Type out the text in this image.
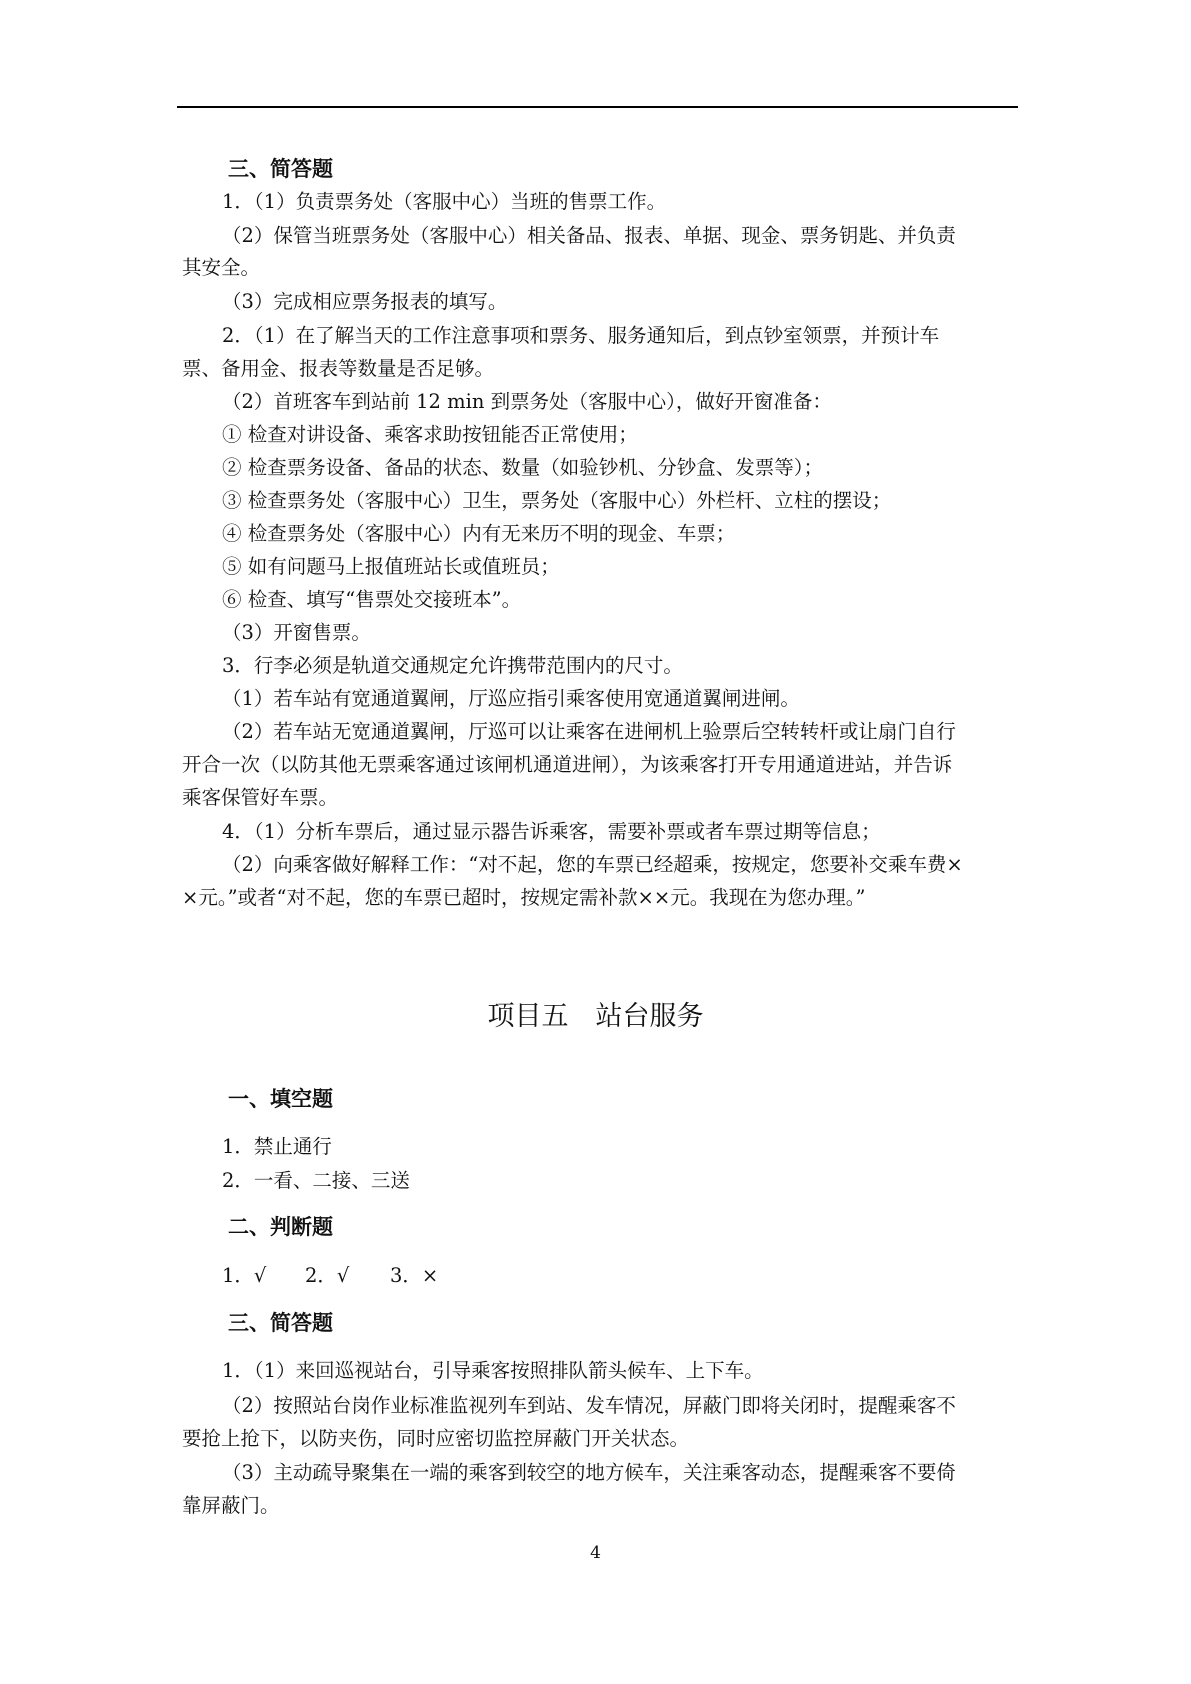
三、简答题
1．（1）负责票务处（客服中心）当班的售票工作。
（2）保管当班票务处（客服中心）相关备品、报表、单据、现金、票务钥匙、并负责
其安全。
（3）完成相应票务报表的填写。
2．（1）在了解当天的工作注意事项和票务、服务通知后，到点钞室领票，并预计车
票、备用金、报表等数量是否足够。
（2）首班客车到站前 12 min 到票务处（客服中心），做好开窗准备：
① 检查对讲设备、乘客求助按钮能否正常使用；
② 检查票务设备、备品的状态、数量（如验钞机、分钞盒、发票等）；
③ 检查票务处（客服中心）卫生，票务处（客服中心）外栏杆、立柱的摆设；
④ 检查票务处（客服中心）内有无来历不明的现金、车票；
⑤ 如有问题马上报值班站长或值班员；
⑥ 检查、填写“售票处交接班本”。
（3）开窗售票。
3．行李必须是轨道交通规定允许携带范围内的尺寸。
（1）若车站有宽通道翼闸，厅巡应指引乘客使用宽通道翼闸进闸。
（2）若车站无宽通道翼闸，厅巡可以让乘客在进闸机上验票后空转转杆或让扇门自行
开合一次（以防其他无票乘客通过该闸机通道进闸），为该乘客打开专用通道进站，并告诉
乘客保管好车票。
4．（1）分析车票后，通过显示器告诉乘客，需要补票或者车票过期等信息；
（2）向乘客做好解释工作：“对不起，您的车票已经超乘，按规定，您要补交乘车费×
×元。”或者“对不起，您的车票已超时，按规定需补款××元。我现在为您办理。”
项目五　站台服务
一、填空题
1．禁止通行
2．一看、二接、三送
二、判断题
1．√	2．√	3．×
三、简答题
1．（1）来回巡视站台，引导乘客按照排队箭头候车、上下车。
（2）按照站台岗作业标准监视列车到站、发车情况，屏蔽门即将关闭时，提醒乘客不
要抢上抢下，以防夹伤，同时应密切监控屏蔽门开关状态。
（3）主动疏导聚集在一端的乘客到较空的地方候车，关注乘客动态，提醒乘客不要倚
靠屏蔽门。
4
